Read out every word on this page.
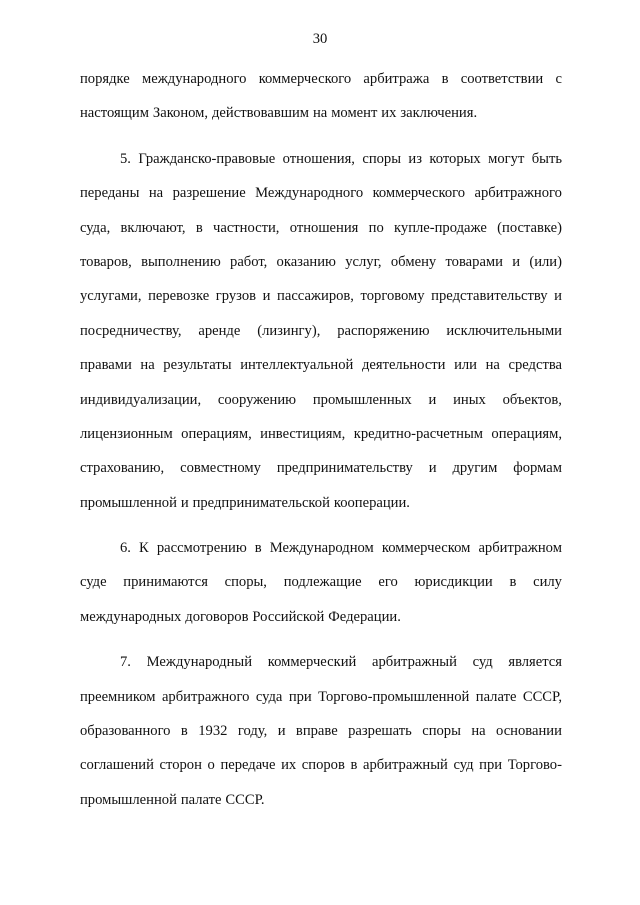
30
порядке международного коммерческого арбитража в соответствии с
настоящим Законом, действовавшим на момент их заключения.
5. Гражданско-правовые отношения, споры из которых могут быть
переданы на разрешение Международного коммерческого арбитражного
суда, включают, в частности, отношения по купле-продаже (поставке)
товаров, выполнению работ, оказанию услуг, обмену товарами и (или)
услугами, перевозке грузов и пассажиров, торговому представительству и
посредничеству, аренде (лизингу), распоряжению исключительными
правами на результаты интеллектуальной деятельности или на средства
индивидуализации, сооружению промышленных и иных объектов,
лицензионным операциям, инвестициям, кредитно-расчетным операциям,
страхованию, совместному предпринимательству и другим формам
промышленной и предпринимательской кооперации.
6. К рассмотрению в Международном коммерческом арбитражном
суде принимаются споры, подлежащие его юрисдикции в силу
международных договоров Российской Федерации.
7. Международный коммерческий арбитражный суд является
преемником арбитражного суда при Торгово-промышленной палате СССР,
образованного в 1932 году, и вправе разрешать споры на основании
соглашений сторон о передаче их споров в арбитражный суд при Торгово-
промышленной палате СССР.
